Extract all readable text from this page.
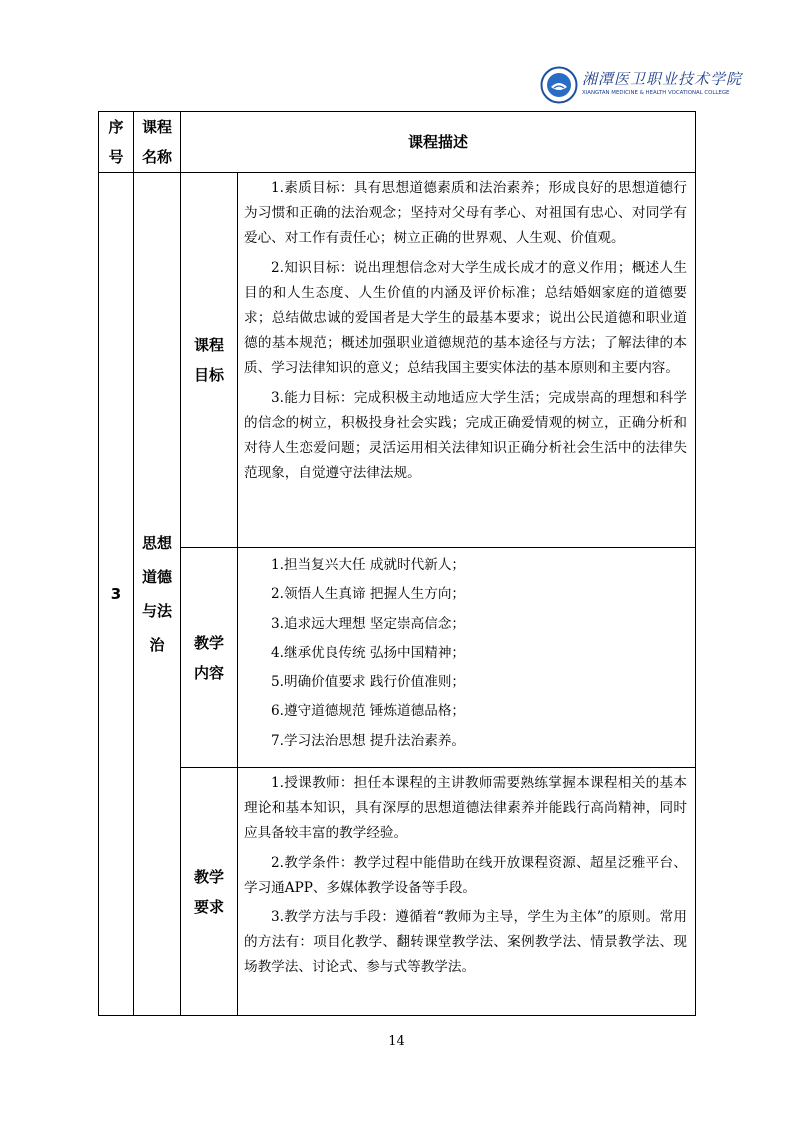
湘潭医卫职业技术学院
XIANGTAN MEDICINE & HEALTH VOCATIONAL COLLEGE
序
号
课程
名称
课程描述
3
思想
道德
与法
治
课程
目标
教学
内容
教学
要求

1.素质目标：具有思想道德素质和法治素养；形成良好的思想道德行为习惯和正确的法治观念；坚持对父母有孝心、对祖国有忠心、对同学有爱心、对工作有责任心；树立正确的世界观、人生观、价值观。

2.知识目标：说出理想信念对大学生成长成才的意义作用；概述人生目的和人生态度、人生价值的内涵及评价标准；总结婚姻家庭的道德要求；总结做忠诚的爱国者是大学生的最基本要求；说出公民道德和职业道德的基本规范；概述加强职业道德规范的基本途径与方法；了解法律的本质、学习法律知识的意义；总结我国主要实体法的基本原则和主要内容。

3.能力目标：完成积极主动地适应大学生活；完成崇高的理想和科学的信念的树立，积极投身社会实践；完成正确爱情观的树立，正确分析和对待人生恋爱问题；灵活运用相关法律知识正确分析社会生活中的法律失范现象，自觉遵守法律法规。

1.担当复兴大任 成就时代新人；
2.领悟人生真谛 把握人生方向；
3.追求远大理想 坚定崇高信念；
4.继承优良传统 弘扬中国精神；
5.明确价值要求 践行价值准则；
6.遵守道德规范 锤炼道德品格；
7.学习法治思想 提升法治素养。

1.授课教师：担任本课程的主讲教师需要熟练掌握本课程相关的基本理论和基本知识，具有深厚的思想道德法律素养并能践行高尚精神，同时应具备较丰富的教学经验。

2.教学条件：教学过程中能借助在线开放课程资源、超星泛雅平台、学习通APP、多媒体教学设备等手段。

3.教学方法与手段：遵循着“教师为主导，学生为主体”的原则。常用的方法有：项目化教学、翻转课堂教学法、案例教学法、情景教学法、现场教学法、讨论式、参与式等教学法。

14
